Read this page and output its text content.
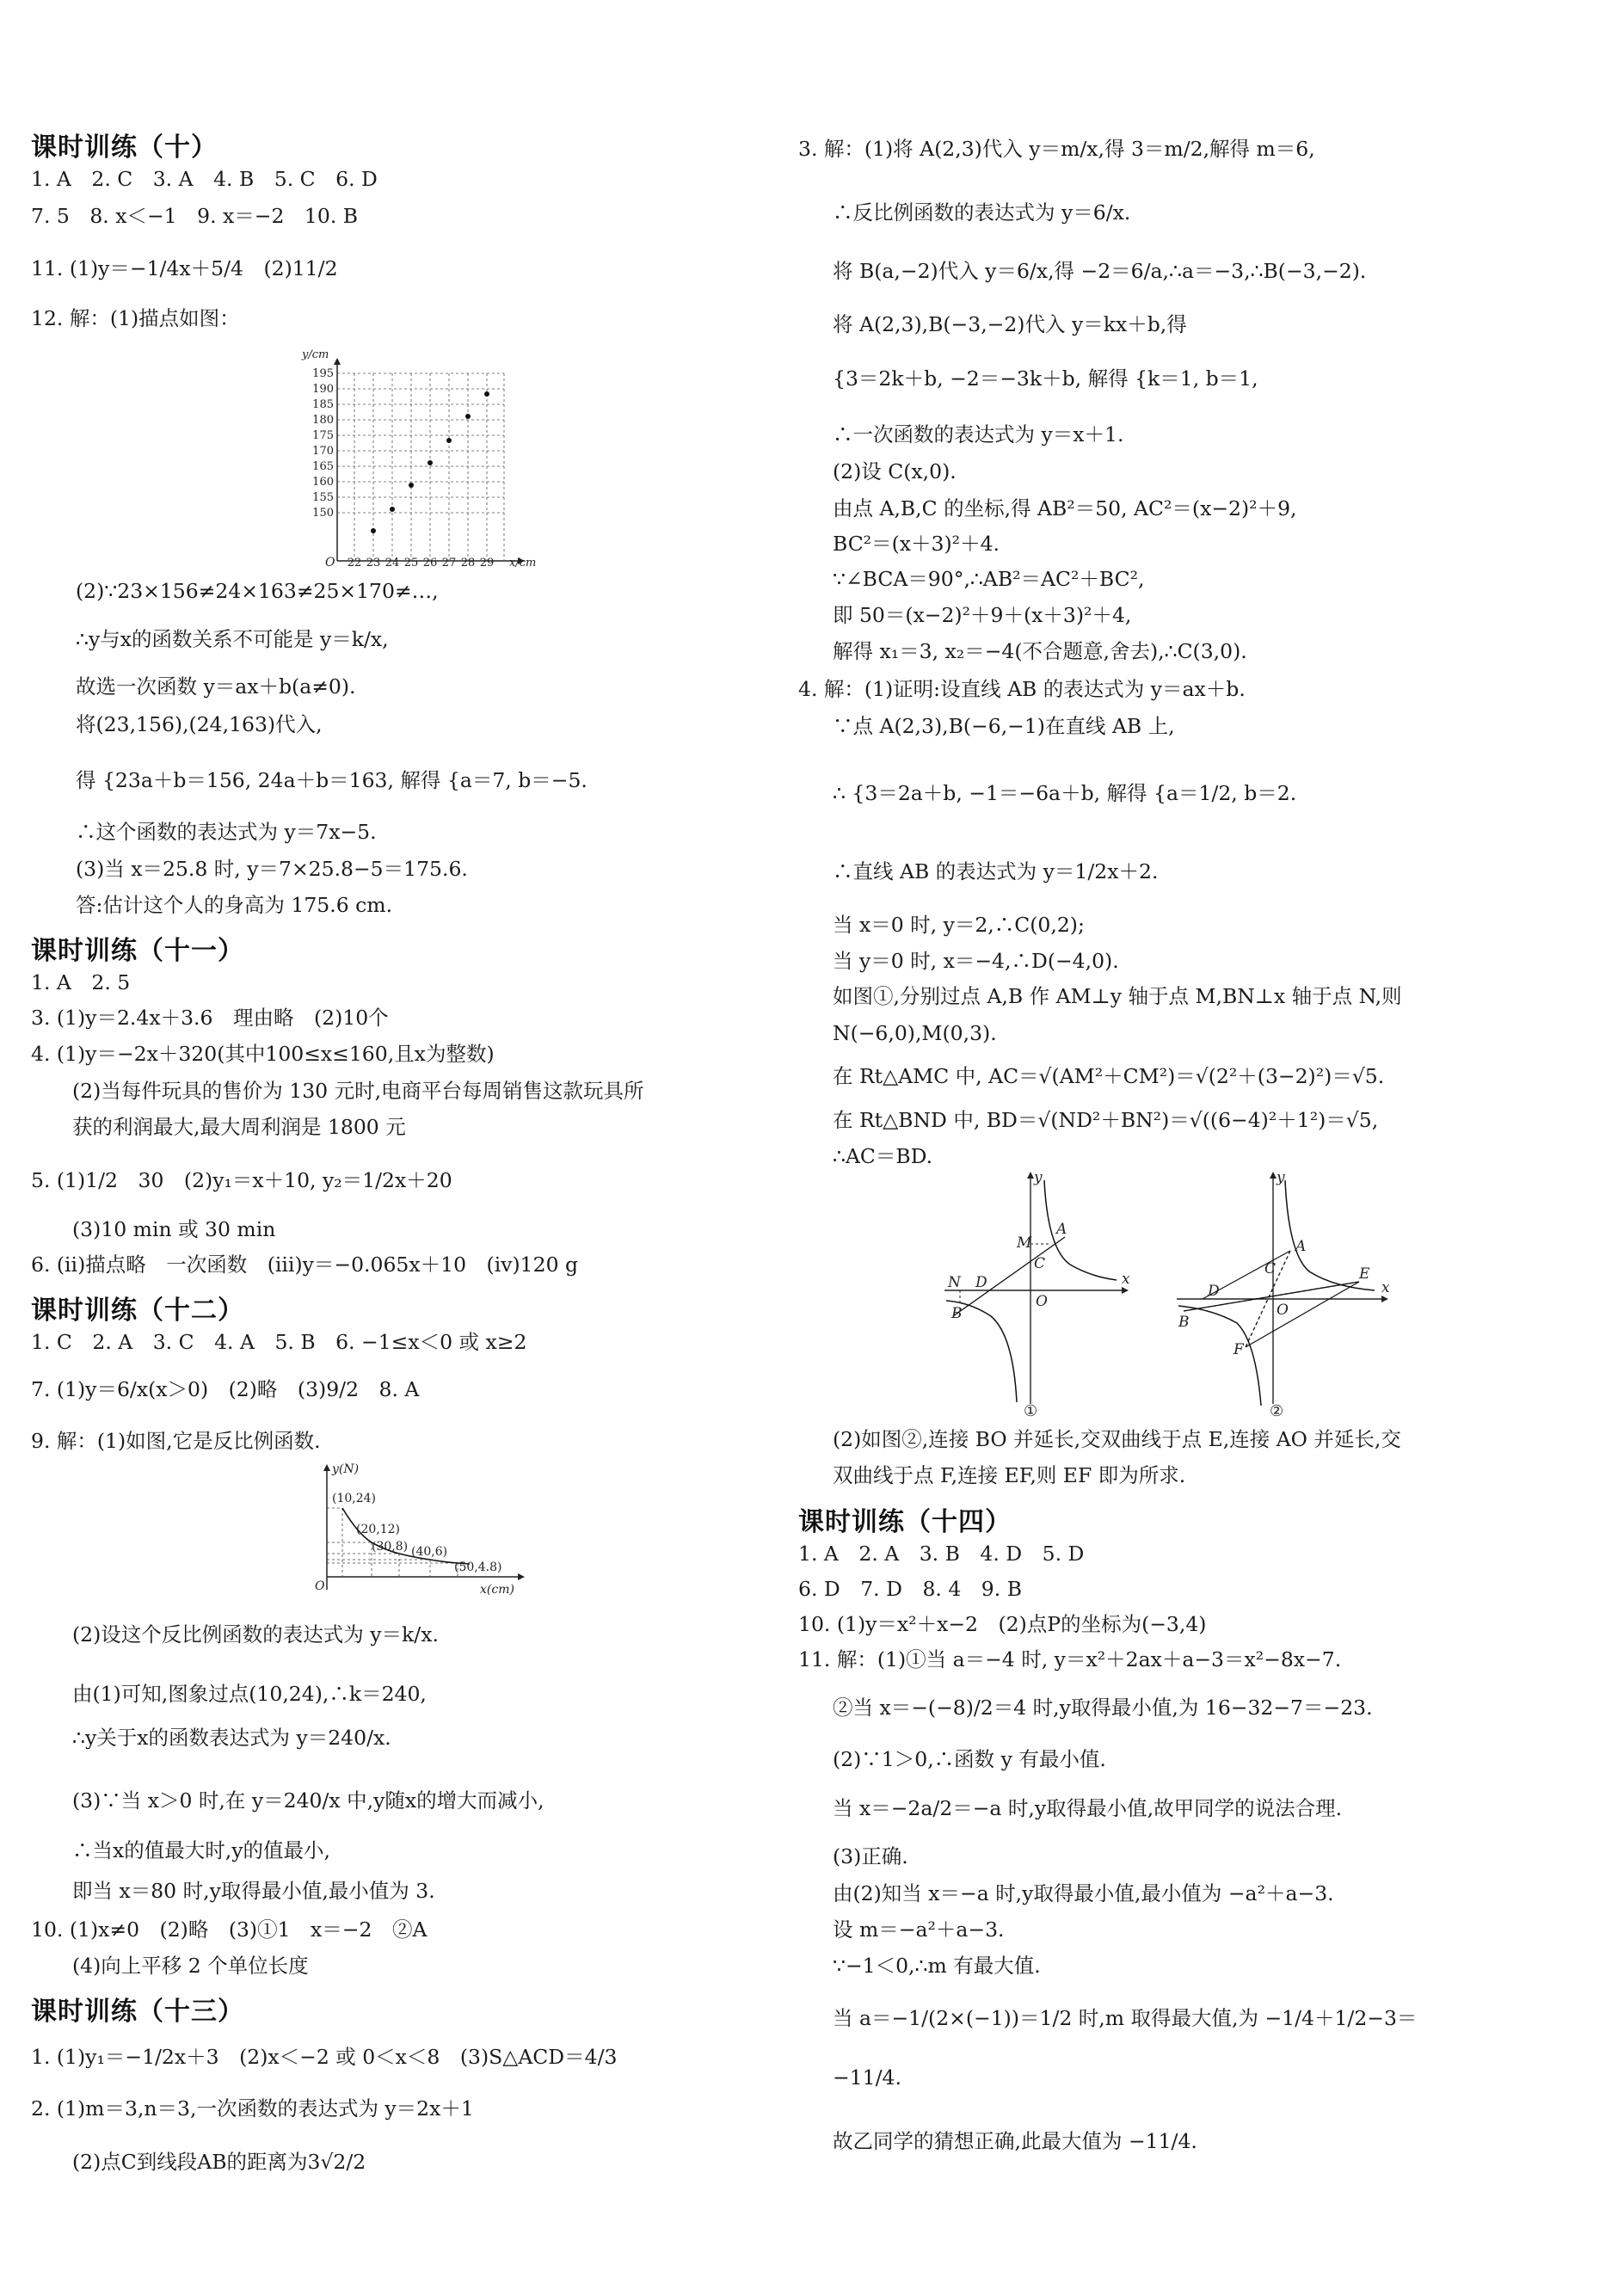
课时训练（十）
1. A　2. C　3. A　4. B　5. C　6. D
7. 5　8. x＜−1　9. x＝−2　10. B
11. (1)y＝−1/4x＋5/4　(2)11/2
12. 解：(1)描点如图：
y/cm
195
190
185
180
175
170
165
160
155
150
O 22 23 24 25 26 27 28 29 x/cm
(2)∵23×156≠24×163≠25×170≠…,
∴y与x的函数关系不可能是 y＝k/x,
故选一次函数 y＝ax＋b(a≠0).
将(23,156),(24,163)代入,
得 {23a＋b＝156, 24a＋b＝163, 解得 {a＝7, b＝−5.
∴这个函数的表达式为 y＝7x−5.
(3)当 x＝25.8 时, y＝7×25.8−5＝175.6.
答:估计这个人的身高为 175.6 cm.
课时训练（十一）
1. A　2. 5
3. (1)y＝2.4x＋3.6　理由略　(2)10个
4. (1)y＝−2x＋320(其中100≤x≤160,且x为整数)
(2)当每件玩具的售价为 130 元时,电商平台每周销售这款玩具所
获的利润最大,最大周利润是 1800 元
5. (1)1/2　30　(2)y₁＝x＋10, y₂＝1/2x＋20
(3)10 min 或 30 min
6. (ⅱ)描点略　一次函数　(ⅲ)y＝−0.065x＋10　(ⅳ)120 g
课时训练（十二）
1. C　2. A　3. C　4. A　5. B　6. −1≤x＜0 或 x≥2
7. (1)y＝6/x(x＞0)　(2)略　(3)9/2　8. A
9. 解：(1)如图,它是反比例函数.
y(N)
O	x(cm)
(10,24)
(20,12)
(30,8) (40,6)
(50,4.8)
(2)设这个反比例函数的表达式为 y＝k/x.
由(1)可知,图象过点(10,24),∴k＝240,
∴y关于x的函数表达式为 y＝240/x.
(3)∵当 x＞0 时,在 y＝240/x 中,y随x的增大而减小,
∴当x的值最大时,y的值最小,
即当 x＝80 时,y取得最小值,最小值为 3.
10. (1)x≠0　(2)略　(3)①1　x＝−2　②A
(4)向上平移 2 个单位长度
课时训练（十三）
1. (1)y₁＝−1/2x＋3　(2)x＜−2 或 0＜x＜8　(3)S△ACD＝4/3
2. (1)m＝3,n＝3,一次函数的表达式为 y＝2x＋1
(2)点C到线段AB的距离为3√2/2
3. 解：(1)将 A(2,3)代入 y＝m/x,得 3＝m/2,解得 m＝6,
∴反比例函数的表达式为 y＝6/x.
将 B(a,−2)代入 y＝6/x,得 −2＝6/a,∴a＝−3,∴B(−3,−2).
将 A(2,3),B(−3,−2)代入 y＝kx＋b,得
{3＝2k＋b, −2＝−3k＋b, 解得 {k＝1, b＝1,
∴一次函数的表达式为 y＝x＋1.
(2)设 C(x,0).
由点 A,B,C 的坐标,得 AB²＝50, AC²＝(x−2)²＋9,
BC²＝(x＋3)²＋4.
∵∠BCA＝90°,∴AB²＝AC²＋BC²,
即 50＝(x−2)²＋9＋(x＋3)²＋4,
解得 x₁＝3, x₂＝−4(不合题意,舍去),∴C(3,0).
4. 解：(1)证明:设直线 AB 的表达式为 y＝ax＋b.
∵点 A(2,3),B(−6,−1)在直线 AB 上,
∴ {3＝2a＋b, −1＝−6a＋b, 解得 {a＝1/2, b＝2.
∴直线 AB 的表达式为 y＝1/2x＋2.
当 x＝0 时, y＝2,∴C(0,2);
当 y＝0 时, x＝−4,∴D(−4,0).
如图①,分别过点 A,B 作 AM⊥y 轴于点 M,BN⊥x 轴于点 N,则
N(−6,0),M(0,3).
在 Rt△AMC 中, AC＝√(AM²＋CM²)＝√(2²＋(3−2)²)＝√5.
在 Rt△BND 中, BD＝√(ND²＋BN²)＝√((6−4)²＋1²)＝√5,
∴AC＝BD.
y
x
O
A
M
C
N D
B
①
y
x
O
C
A
D
E
B
F
②
(2)如图②,连接 BO 并延长,交双曲线于点 E,连接 AO 并延长,交
双曲线于点 F,连接 EF,则 EF 即为所求.
课时训练（十四）
1. A　2. A　3. B　4. D　5. D
6. D　7. D　8. 4　9. B
10. (1)y＝x²＋x−2　(2)点P的坐标为(−3,4)
11. 解：(1)①当 a＝−4 时, y＝x²＋2ax＋a−3＝x²−8x−7.
②当 x＝−(−8)/2＝4 时,y取得最小值,为 16−32−7＝−23.
(2)∵1＞0,∴函数 y 有最小值.
当 x＝−2a/2＝−a 时,y取得最小值,故甲同学的说法合理.
(3)正确.
由(2)知当 x＝−a 时,y取得最小值,最小值为 −a²＋a−3.
设 m＝−a²＋a−3.
∵−1＜0,∴m 有最大值.
当 a＝−1/(2×(−1))＝1/2 时,m 取得最大值,为 −1/4＋1/2−3＝
−11/4.
故乙同学的猜想正确,此最大值为 −11/4.
